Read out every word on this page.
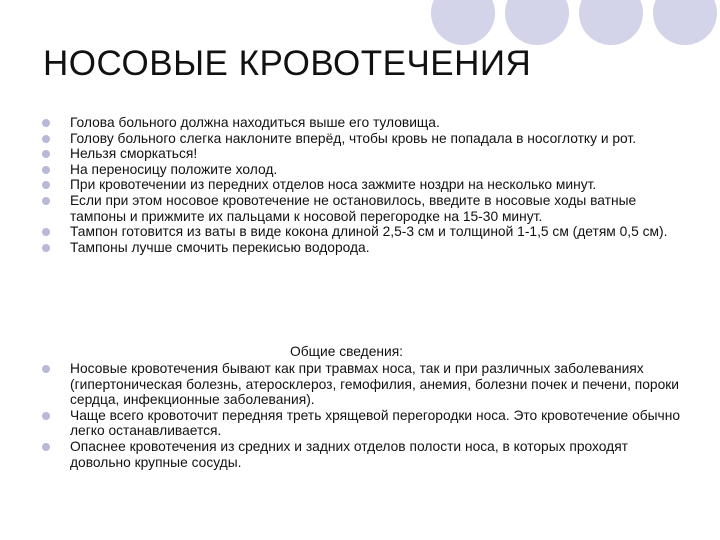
НОСОВЫЕ КРОВОТЕЧЕНИЯ
Голова больного должна находиться выше его туловища.
Голову больного слегка наклоните вперёд, чтобы кровь не попадала в носоглотку и рот.
Нельзя сморкаться!
На переносицу положите холод.
При кровотечении из передних отделов носа зажмите ноздри на несколько минут.
Если при этом носовое кровотечение не остановилось, введите в носовые ходы ватные тампоны и прижмите их пальцами к носовой перегородке на 15-30 минут.
Тампон готовится из ваты в виде кокона длиной 2,5-3 см и толщиной 1-1,5 см (детям 0,5 см).
Тампоны лучше смочить перекисью водорода.
Общие сведения:
Носовые кровотечения бывают как при травмах носа, так и при различных заболеваниях (гипертоническая болезнь, атеросклероз, гемофилия, анемия, болезни почек и печени, пороки сердца, инфекционные заболевания).
Чаще всего кровоточит передняя треть хрящевой перегородки носа. Это кровотечение обычно легко останавливается.
Опаснее кровотечения из средних и задних отделов полости носа, в которых проходят довольно крупные сосуды.
